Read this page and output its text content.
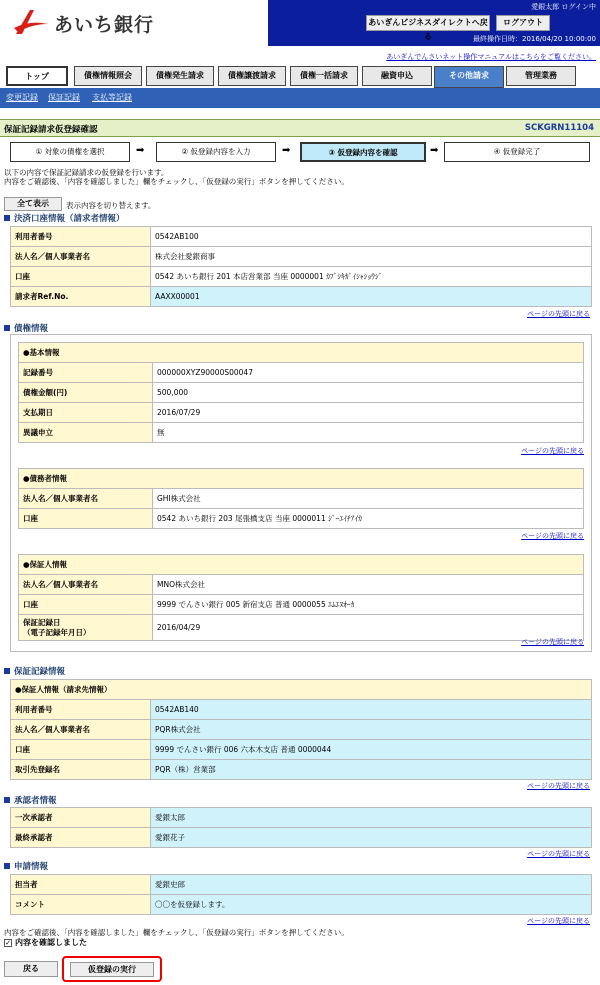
あいち銀行
愛銀太郎 ログイン中
あいぎんビジネスダイレクトへ戻る
ログアウト
最終操作日時：2016/04/20 10:00:00
あいぎんでんさいネット操作マニュアルはこちらをご覧ください。
トップ	債権情報照会	債権発生請求	債権譲渡請求	債権一括請求	融資申込	その他請求	管理業務
変更記録 保証記録 支払等記録
保証記録請求仮登録確認	SCKGRN11104
① 対象の債権を選択	➡	② 仮登録内容を入力	➡	③ 仮登録内容を確認	➡	④ 仮登録完了
以下の内容で保証記録請求の仮登録を行います。
内容をご確認後、「内容を確認しました」欄をチェックし、「仮登録の実行」ボタンを押してください。
全て表示	表示内容を切り替えます。
決済口座情報（請求者情報）
利用者番号	0542AB100
法人名／個人事業者名	株式会社愛銀商事
口座	0542 あいち銀行 201 本店営業部 当座 0000001 ｶﾌﾞｼｷｶﾞｲｼｬｼｮｳｼﾞ
請求者Ref.No.	AAXX00001
ページの先頭に戻る
債権情報
●基本情報	
記録番号	000000XYZ90000S00047
債権金額(円)	500,000
支払期日	2016/07/29
異議申立	無
ページの先頭に戻る
●債務者情報	
法人名／個人事業者名	GHI株式会社
口座	0542 あいち銀行 203 尾張橋支店 当座 0000011 ｼﾞｰｴｲﾁｱｲｶ
ページの先頭に戻る
●保証人情報	
法人名／個人事業者名	MNO株式会社
口座	9999 でんさい銀行 005 新宿支店 普通 0000055 ｴﾑｴﾇｵｰｶ
保証記録日
（電子記録年月日）	2016/04/29
ページの先頭に戻る
保証記録情報
●保証人情報（請求先情報）	
利用者番号	0542AB140
法人名／個人事業者名	PQR株式会社
口座	9999 でんさい銀行 006 六本木支店 普通 0000044
取引先登録名	PQR（株）営業部
ページの先頭に戻る
承認者情報
一次承認者	愛銀太郎
最終承認者	愛銀花子
ページの先頭に戻る
申請情報
担当者	愛銀史郎
コメント	〇〇を仮登録します。
ページの先頭に戻る
内容をご確認後、「内容を確認しました」欄をチェックし、「仮登録の実行」ボタンを押してください。
✓ 内容を確認しました
戻る	仮登録の実行
